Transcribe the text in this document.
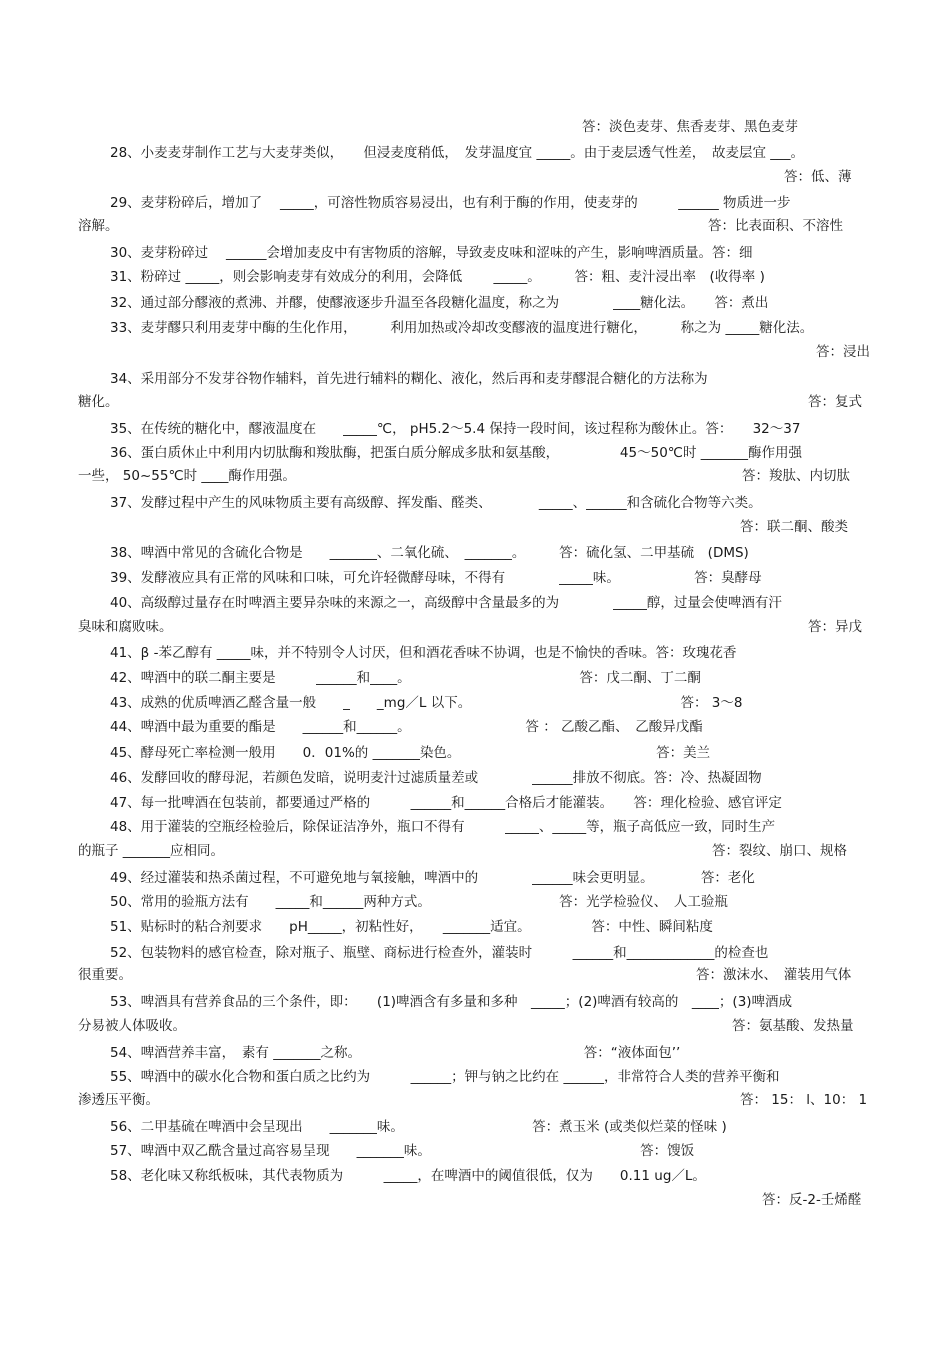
答：淡色麦芽、焦香麦芽、黑色麦芽
28、小麦麦芽制作工艺与大麦芽类似，　　但浸麦度稍低，　发芽温度宜 _____。由于麦层透气性差，　故麦层宜 ___。
答：低、薄
29、麦芽粉碎后，增加了 　_____，可溶性物质容易浸出，也有利于酶的作用，使麦芽的　　　______ 物质进一步
溶解。	答：比表面积、不溶性
30、麦芽粉碎过 　______会增加麦皮中有害物质的溶解，导致麦皮味和涩味的产生，影响啤酒质量。答：细
31、粉碎过 _____，则会影响麦芽有效成分的利用，会降低 　　_____。　　　答：粗、麦汁浸出率　(收得率 )
32、通过部分醪液的煮沸、并醪，使醪液逐步升温至各段糖化温度，称之为　　　　____糖化法。　　答：煮出
33、麦芽醪只利用麦芽中酶的生化作用，　　　利用加热或冷却改变醪液的温度进行糖化，　　　称之为 _____糖化法。
答：浸出
34、采用部分不发芽谷物作辅料，首先进行辅料的糊化、液化，然后再和麦芽醪混合糖化的方法称为
糖化。	答：复式
35、在传统的糖化中，醪液温度在　　_____℃， pH5.2～5.4 保持一段时间，该过程称为酸休止。答：　　32～37
36、蛋白质休止中利用内切肽酶和羧肽酶，把蛋白质分解成多肽和氨基酸，　　　　　45～50℃时 _______酶作用强
一些， 50~55℃时 ____酶作用强。	答：羧肽、内切肽
37、发酵过程中产生的风味物质主要有高级醇、挥发酯、醛类、　　　　_____、______和含硫化合物等六类。
答：联二酮、酸类
38、啤酒中常见的含硫化合物是　　_______、二氧化硫、　_______。　　　答：硫化氢、二甲基硫　(DMS)
39、发酵液应具有正常的风味和口味，可允许轻微酵母味，不得有　　　　_____味。　　　　　　答：臭酵母
40、高级醇过量存在时啤酒主要异杂味的来源之一，高级醇中含量最多的为　　　　_____醇，过量会使啤酒有汗
臭味和腐败味。	答：异戊
41、β -苯乙醇有 _____味，并不特别令人讨厌，但和酒花香味不协调，也是不愉快的香味。答：玫瑰花香
42、啤酒中的联二酮主要是　　　______和____。　　　　　　　　　　　　　答：戊二酮、丁二酮
43、成熟的优质啤酒乙醛含量一般　　_　　_mg／L 以下。　　　　　　　　　　　　　　　　答： 3～8
44、啤酒中最为重要的酯是　　______和______。　　　　　　　　　答 ： 乙酸乙酯、　乙酸异戊酯
45、酵母死亡率检测一般用　　0．01%的 _______染色。　　　　　　　　　　　　　　　答：美兰
46、发酵回收的酵母泥，若颜色发暗，说明麦汁过滤质量差或　　　　______排放不彻底。答：冷、热凝固物
47、每一批啤酒在包装前，都要通过严格的　　　______和______合格后才能灌装。　　答：理化检验、感官评定
48、用于灌装的空瓶经检验后，除保证洁净外，瓶口不得有　　　_____、_____等，瓶子高低应一致，同时生产
的瓶子 _______应相同。	答：裂纹、崩口、规格
49、经过灌装和热杀菌过程，不可避免地与氧接触，啤酒中的　　　　______味会更明显。　　　　答：老化
50、常用的验瓶方法有　　_____和______两种方式。　　　　　　　　　　答：光学检验仪、　人工验瓶
51、贴标时的粘合剂要求　　pH_____，初粘性好，　　_______适宜。　　　　　答：中性、瞬间粘度
52、包装物料的感官检查，除对瓶子、瓶壁、商标进行检查外，灌装时　　　______和_____________的检查也
很重要。	答：激沫水、　灌装用气体
53、啤酒具有营养食品的三个条件，即：　　(1)啤酒含有多量和多种　_____；(2)啤酒有较高的　____；(3)啤酒成
分易被人体吸收。	答：氨基酸、发热量
54、啤酒营养丰富，　素有 _______之称。　　　　　　　　　　　　　　　　　答：“液体面包’’
55、啤酒中的碳水化合物和蛋白质之比约为　　　______；钾与钠之比约在 ______，非常符合人类的营养平衡和
渗透压平衡。	答： 15： l、10： 1
56、二甲基硫在啤酒中会呈现出　　_______味。　　　　　　　　　　答：煮玉米 (或类似烂菜的怪味 )
57、啤酒中双乙酰含量过高容易呈现　　_______味。　　　　　　　　　　　　　　　　答：馊饭
58、老化味又称纸板味，其代表物质为　　　_____，在啤酒中的阈值很低，仅为　　0.11 ug／L。
答：反-2-壬烯醛
